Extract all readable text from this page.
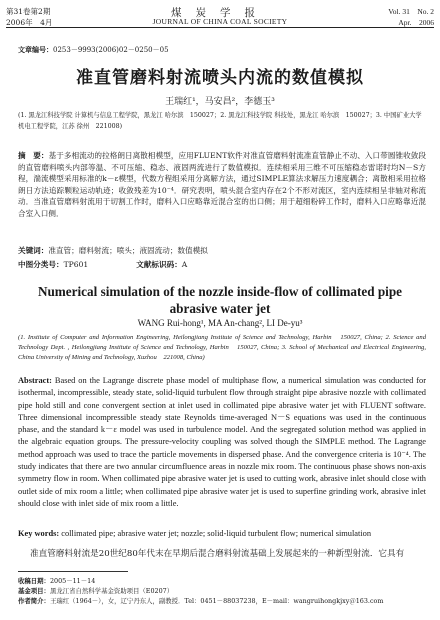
第31卷第2期
2006年　4月
煤炭学报
JOURNAL OF CHINA COAL SOCIETY
Vol. 31　No. 2
Apr.　2006
文章编号：0253－9993(2006)02－0250－05
准直管磨料射流喷头内流的数值模拟
王瑞红¹，马安昌²，李德玉³
(1. 黑龙江科技学院 计算机与信息工程学院，黑龙江 哈尔滨　150027；2. 黑龙江科技学院 科技处，黑龙江 哈尔滨　150027；3. 中国矿业大学 机电工程学院，江苏 徐州　221008)
摘　要：基于多相流动的拉格朗日离散相模型，应用FLUENT软件对准直管磨料射流准直管静止不动、入口带圆锥收敛段的直管磨料喷头内部等温、不可压缩、稳态、液固两流进行了数值模拟．连续相采用三维不可压缩稳态雷诺时均N－S方程，湍流模型采用标准的k－ε模型，代数方程组采用分离解方法，通过SIMPLE算法求解压力速度耦合；离散相采用拉格朗日方法追踪颗粒运动轨迹；收敛残差为10⁻⁴．研究表明，喷头混合室内存在2个不形对流区，室内连续相呈非轴对称流动．当准直管磨料射流用于切割工作时，磨料入口应略靠近混合室的出口侧；用于超细粉碎工作时，磨料入口应略靠近混合室入口侧．
关键词：准直管；磨料射流；喷头；液固流动；数值模拟
中图分类号：TP601	文献标识码：A
Numerical simulation of the nozzle inside-flow of collimated pipe abrasive water jet
WANG Rui-hong¹, MA An-chang², LI De-yu³
(1. Institute of Computer and Information Engineering, Heilongjiang Institute of Science and Technology, Harbin　150027, China; 2. Science and Technology Dept. , Heilongjiang Institute of Science and Technology, Harbin　150027, China; 3. School of Mechanical and Electrical Engineering, China University of Mining and Technology, Xuzhou　221008, China)
Abstract: Based on the Lagrange discrete phase model of multiphase flow, a numerical simulation was conducted for isothermal, incompressible, steady state, solid-liquid turbulent flow through straight pipe abrasive nozzle with collimated pipe hold still and cone convergent section at inlet used in collimated pipe abrasive water jet with FLUENT software. Three dimensional incompressible steady state Reynolds time-averaged N－S equations was used in the continuous phase, and the standard k－ε model was used in turbulence model. And the segregated solution method was applied in the algebraic equation groups. The pressure-velocity coupling was solved though the SIMPLE method. The Lagrange method approach was used to trace the particle movements in dispersed phase. And the convergence criteria is 10⁻⁴. The study indicates that there are two annular circumfluence areas in nozzle mix room. The continuous phase shows non-axis symmetry flow in room. When collimated pipe abrasive water jet is used to cutting work, abrasive inlet should close with outlet side of mix room a little; when collimated pipe abrasive water jet is used to superfine grinding work, abrasive inlet should close with inlet side of mix room a little.
Key words: collimated pipe; abrasive water jet; nozzle; solid-liquid turbulent flow; numerical simulation
准直管磨料射流是20世纪80年代末在早期后混合磨料射流基础上发展起来的一种新型射流．它具有
收稿日期：2005－11－14
基金项目：黑龙江省自然科学基金资助项目（E0207）
作者简介：王瑞红（1964－），女，辽宁丹东人，副教授．Tel：0451－88037238，E－mail：wangruihongkjxy＠163.com
